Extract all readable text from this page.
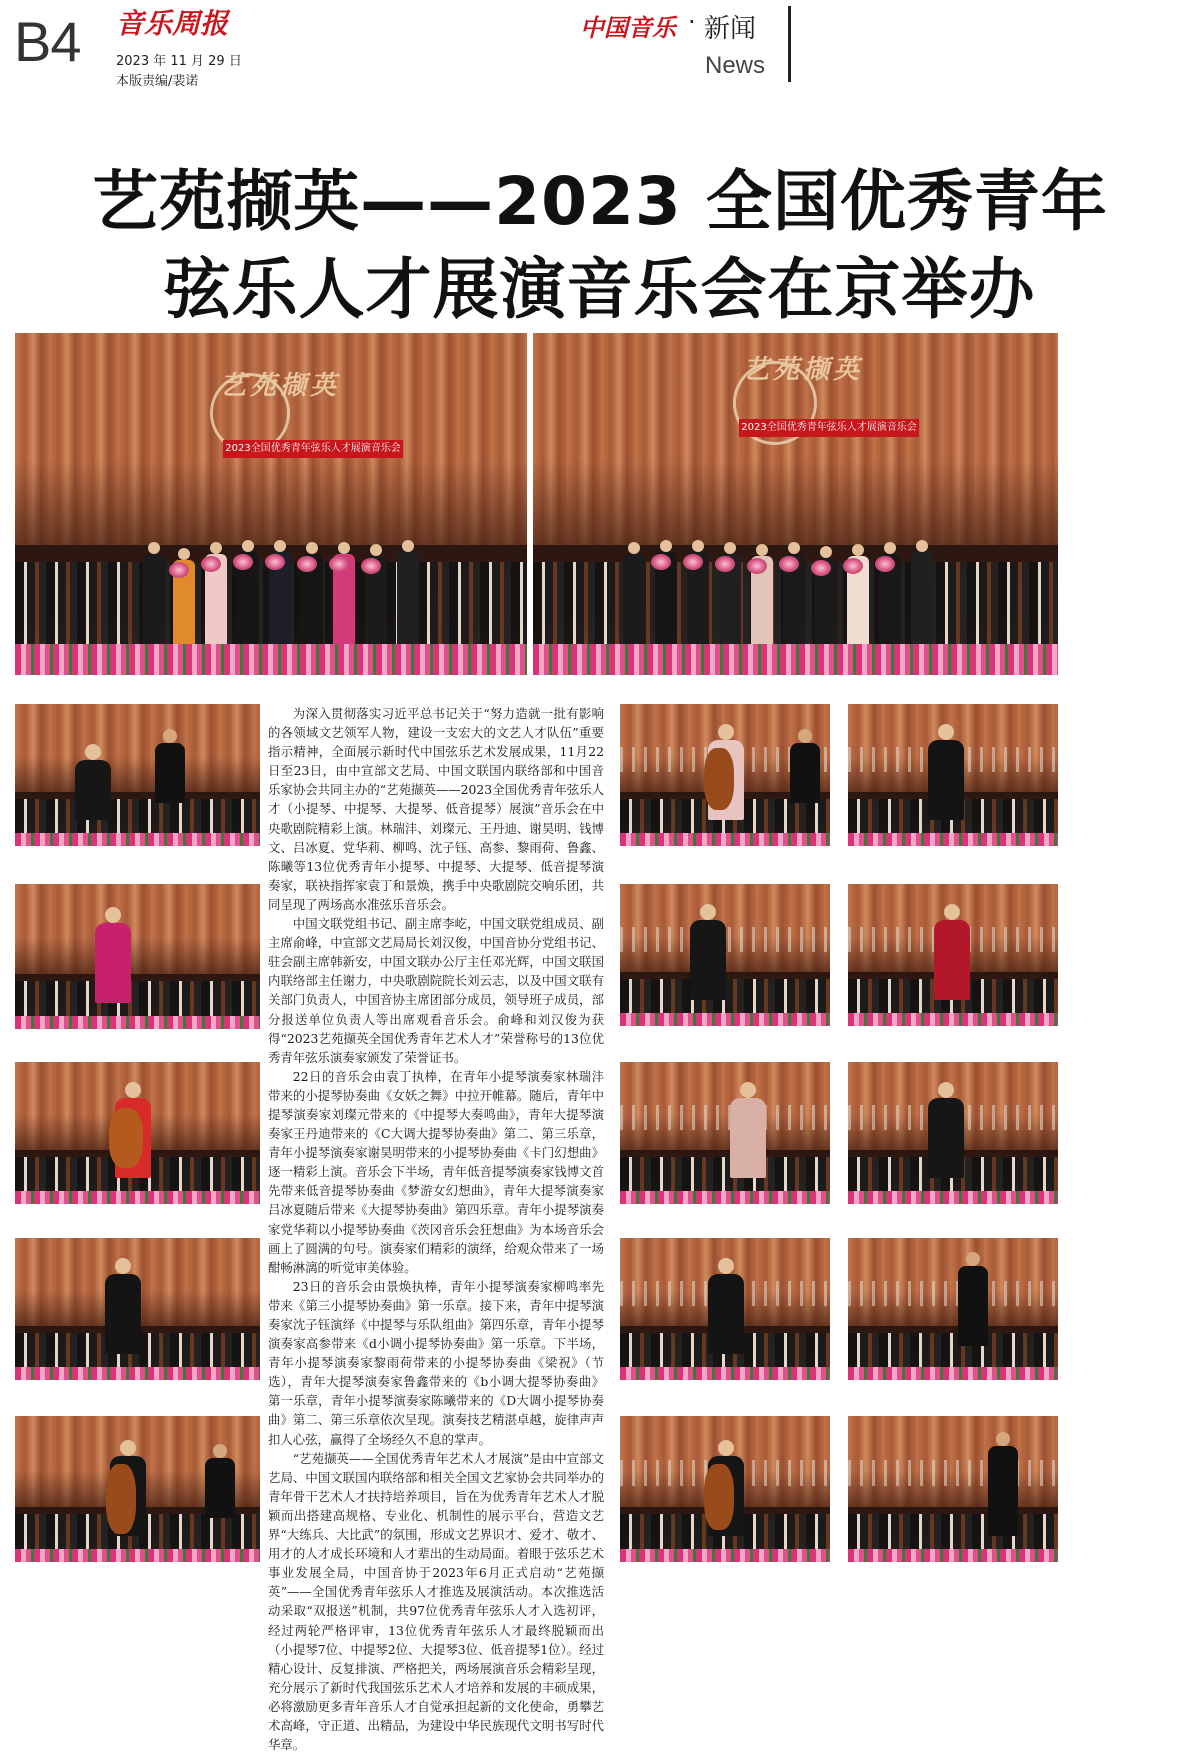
B4 音乐周报
2023 年 11 月 29 日
本版责编/裴诺
中国音乐 · 新闻
News
艺苑撷英——2023 全国优秀青年
弦乐人才展演音乐会在京举办
艺苑撷英
2023全国优秀青年弦乐人才展演音乐会
艺苑撷英
2023全国优秀青年弦乐人才展演音乐会

为深入贯彻落实习近平总书记关于“努力造就一批有影响的各领域文艺领军人物，建设一支宏大的文艺人才队伍”重要指示精神，全面展示新时代中国弦乐艺术发展成果，11月22日至23日，由中宣部文艺局、中国文联国内联络部和中国音乐家协会共同主办的“艺苑撷英——2023全国优秀青年弦乐人才（小提琴、中提琴、大提琴、低音提琴）展演”音乐会在中央歌剧院精彩上演。林瑞沣、刘璨元、王丹迪、谢昊明、钱博文、吕冰夏、党华莉、柳鸣、沈子钰、高参、黎雨荷、鲁鑫、陈曦等13位优秀青年小提琴、中提琴、大提琴、低音提琴演奏家，联袂指挥家袁丁和景焕，携手中央歌剧院交响乐团，共同呈现了两场高水准弦乐音乐会。

中国文联党组书记、副主席李屹，中国文联党组成员、副主席俞峰，中宣部文艺局局长刘汉俊，中国音协分党组书记、驻会副主席韩新安，中国文联办公厅主任邓光辉，中国文联国内联络部主任谢力，中央歌剧院院长刘云志，以及中国文联有关部门负责人，中国音协主席团部分成员，领导班子成员，部分报送单位负责人等出席观看音乐会。俞峰和刘汉俊为获得“2023艺苑撷英全国优秀青年艺术人才”荣誉称号的13位优秀青年弦乐演奏家颁发了荣誉证书。

22日的音乐会由袁丁执棒，在青年小提琴演奏家林瑞沣带来的小提琴协奏曲《女妖之舞》中拉开帷幕。随后，青年中提琴演奏家刘璨元带来的《中提琴大奏鸣曲》，青年大提琴演奏家王丹迪带来的《C大调大提琴协奏曲》第二、第三乐章，青年小提琴演奏家谢昊明带来的小提琴协奏曲《卡门幻想曲》逐一精彩上演。音乐会下半场，青年低音提琴演奏家钱博文首先带来低音提琴协奏曲《梦游女幻想曲》，青年大提琴演奏家吕冰夏随后带来《大提琴协奏曲》第四乐章。青年小提琴演奏家党华莉以小提琴协奏曲《茨冈音乐会狂想曲》为本场音乐会画上了圆满的句号。演奏家们精彩的演绎，给观众带来了一场酣畅淋漓的听觉审美体验。

23日的音乐会由景焕执棒，青年小提琴演奏家柳鸣率先带来《第三小提琴协奏曲》第一乐章。接下来，青年中提琴演奏家沈子钰演绎《中提琴与乐队组曲》第四乐章，青年小提琴演奏家高参带来《d小调小提琴协奏曲》第一乐章。下半场，青年小提琴演奏家黎雨荷带来的小提琴协奏曲《梁祝》（节选），青年大提琴演奏家鲁鑫带来的《b小调大提琴协奏曲》第一乐章，青年小提琴演奏家陈曦带来的《D大调小提琴协奏曲》第二、第三乐章依次呈现。演奏技艺精湛卓越，旋律声声扣人心弦，赢得了全场经久不息的掌声。

“艺苑撷英——全国优秀青年艺术人才展演”是由中宣部文艺局、中国文联国内联络部和相关全国文艺家协会共同举办的青年骨干艺术人才扶持培养项目，旨在为优秀青年艺术人才脱颖而出搭建高规格、专业化、机制性的展示平台，营造文艺界“大练兵、大比武”的氛围，形成文艺界识才、爱才、敬才、用才的人才成长环境和人才辈出的生动局面。着眼于弦乐艺术事业发展全局，中国音协于2023年6月正式启动“艺苑撷英”——全国优秀青年弦乐人才推选及展演活动。本次推选活动采取“双报送”机制，共97位优秀青年弦乐人才入选初评，经过两轮严格评审，13位优秀青年弦乐人才最终脱颖而出（小提琴7位、中提琴2位、大提琴3位、低音提琴1位）。经过精心设计、反复排演、严格把关，两场展演音乐会精彩呈现，充分展示了新时代我国弦乐艺术人才培养和发展的丰硕成果，必将激励更多青年音乐人才自觉承担起新的文化使命，勇攀艺术高峰，守正道、出精品，为建设中华民族现代文明书写时代华章。
